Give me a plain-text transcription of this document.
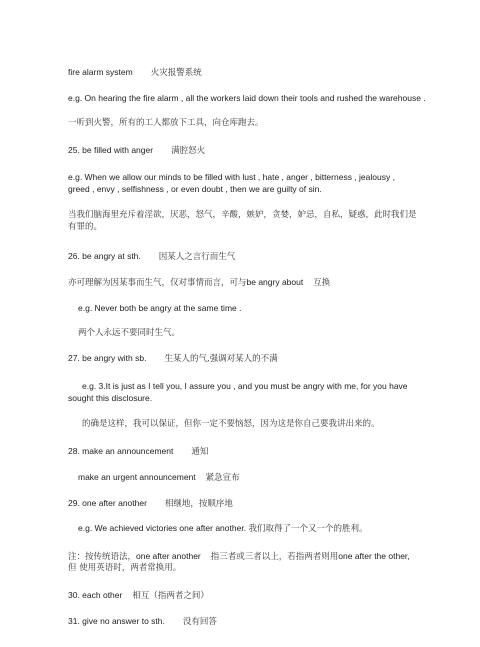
fire alarm system 火灾报警系统
e.g. On hearing the fire alarm , all the workers laid down their tools and rushed the warehouse .
一听到火警，所有的工人都放下工具，向仓库跑去。
25. be filled with anger 满腔怒火
e.g. When we allow our minds to be filled with lust , hate , anger , bitterness , jealousy , greed , envy , selfishness , or even doubt , then we are guilty of sin.
当我们脑海里充斥着淫欲，厌恶，怒气，辛酸，嫉妒，贪婪，妒忌，自私，疑惑，此时我们是有罪的。
26. be angry at sth. 因某人之言行而生气
亦可理解为因某事而生气，仅对事情而言，可与be angry about 互换
e.g. Never both be angry at the same time .
两个人永远不要同时生气。
27. be angry with sb. 生某人的气,强调对某人的不满
e.g. 3.It is just as I tell you, I assure you , and you must be angry with me, for you have sought this disclosure.
的确是这样，我可以保证，但你一定不要恼怒，因为这是你自己要我讲出来的。
28. make an announcement 通知
make an urgent announcement 紧急宣布
29. one after another 相继地，按顺序地
e.g. We achieved victories one after another. 我们取得了一个又一个的胜利。
注：按传统语法，one after another 指三者或三者以上，若指两者则用one after the other,
但 使用英语时，两者常换用。
30. each other 相互（指两者之间）
31. give no answer to sth. 没有回答
